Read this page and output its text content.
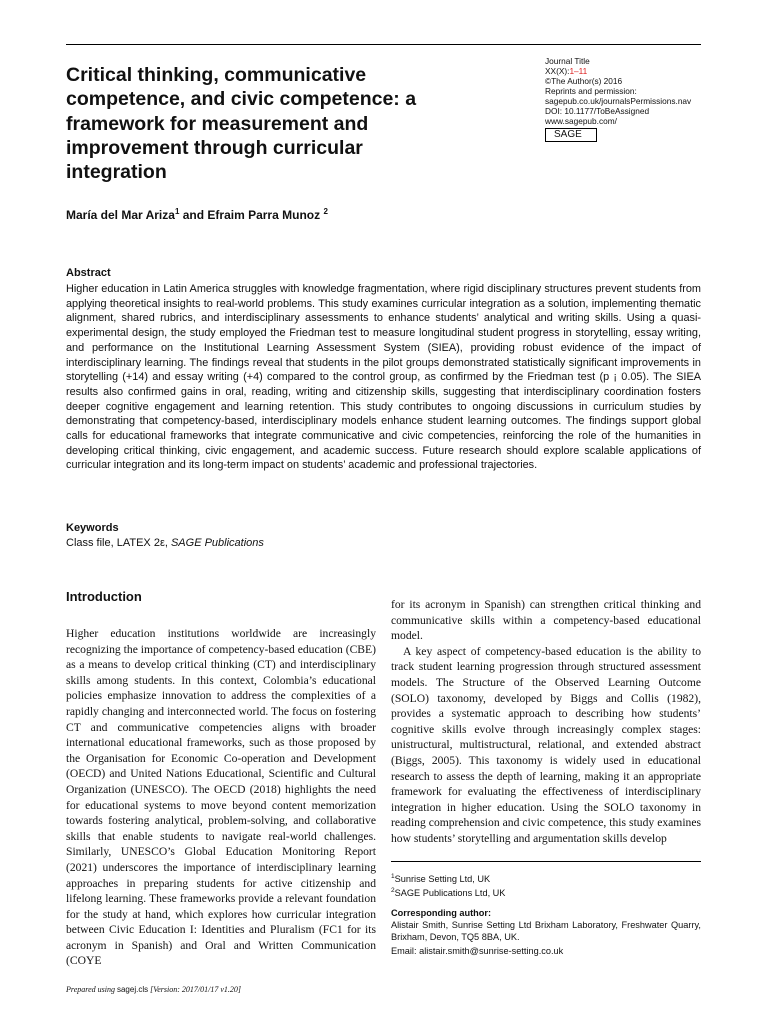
Critical thinking, communicative competence, and civic competence: a framework for measurement and improvement through curricular integration
Journal Title
XX(X):1–11
©The Author(s) 2016
Reprints and permission:
sagepub.co.uk/journalsPermissions.nav
DOI: 10.1177/ToBeAssigned
www.sagepub.com/
SAGE
María del Mar Ariza$^1$ and Efraim Parra Munoz $^2$
Abstract

Higher education in Latin America struggles with knowledge fragmentation, where rigid disciplinary structures prevent students from applying theoretical insights to real-world problems. This study examines curricular integration as a solution, implementing thematic alignment, shared rubrics, and interdisciplinary assessments to enhance students’ analytical and writing skills. Using a quasi-experimental design, the study employed the Friedman test to measure longitudinal student progress in storytelling, essay writing, and performance on the Institutional Learning Assessment System (SIEA), providing robust evidence of the impact of interdisciplinary learning. The findings reveal that students in the pilot groups demonstrated statistically significant improvements in storytelling (+14) and essay writing (+4) compared to the control group, as confirmed by the Friedman test (p ¡ 0.05). The SIEA results also confirmed gains in oral, reading, writing and citizenship skills, suggesting that interdisciplinary coordination fosters deeper cognitive engagement and learning retention. This study contributes to ongoing discussions in curriculum studies by demonstrating that competency-based, interdisciplinary models enhance student learning outcomes. The findings support global calls for educational frameworks that integrate communicative and civic competencies, reinforcing the role of the humanities in developing critical thinking, civic engagement, and academic success. Future research should explore scalable applications of curricular integration and its long-term impact on students’ academic and professional trajectories.

Keywords
Class file, LATEX 2ε, SAGE Publications
Introduction

Higher education institutions worldwide are increasingly recognizing the importance of competency-based education (CBE) as a means to develop critical thinking (CT) and interdisciplinary skills among students. In this context, Colombia’s educational policies emphasize innovation to address the complexities of a rapidly changing and interconnected world. The focus on fostering CT and communicative competencies aligns with broader international educational frameworks, such as those proposed by the Organisation for Economic Co-operation and Development (OECD) and United Nations Educational, Scientific and Cultural Organization (UNESCO). The OECD (2018) highlights the need for educational systems to move beyond content memorization towards fostering analytical, problem-solving, and collaborative skills that enable students to navigate real-world challenges. Similarly, UNESCO’s Global Education Monitoring Report (2021) underscores the importance of interdisciplinary learning approaches in preparing students for active citizenship and lifelong learning. These frameworks provide a relevant foundation for the study at hand, which explores how curricular integration between Civic Education I: Identities and Pluralism (FC1 for its acronym in Spanish) and Oral and Written Communication (COYE

for its acronym in Spanish) can strengthen critical thinking and communicative skills within a competency-based educational model.

A key aspect of competency-based education is the ability to track student learning progression through structured assessment models. The Structure of the Observed Learning Outcome (SOLO) taxonomy, developed by Biggs and Collis (1982), provides a systematic approach to describing how students’ cognitive skills evolve through increasingly complex stages: unistructural, multistructural, relational, and extended abstract (Biggs, 2005). This taxonomy is widely used in educational research to assess the depth of learning, making it an appropriate framework for evaluating the effectiveness of interdisciplinary integration in higher education. Using the SOLO taxonomy in reading comprehension and civic competence, this study examines how students’ storytelling and argumentation skills develop

$^1$Sunrise Setting Ltd, UK
$^2$SAGE Publications Ltd, UK
Corresponding author:

Alistair Smith, Sunrise Setting Ltd Brixham Laboratory, Freshwater Quarry, Brixham, Devon, TQ5 8BA, UK.

Email: alistair.smith@sunrise-setting.co.uk
Prepared using sagej.cls [Version: 2017/01/17 v1.20]
